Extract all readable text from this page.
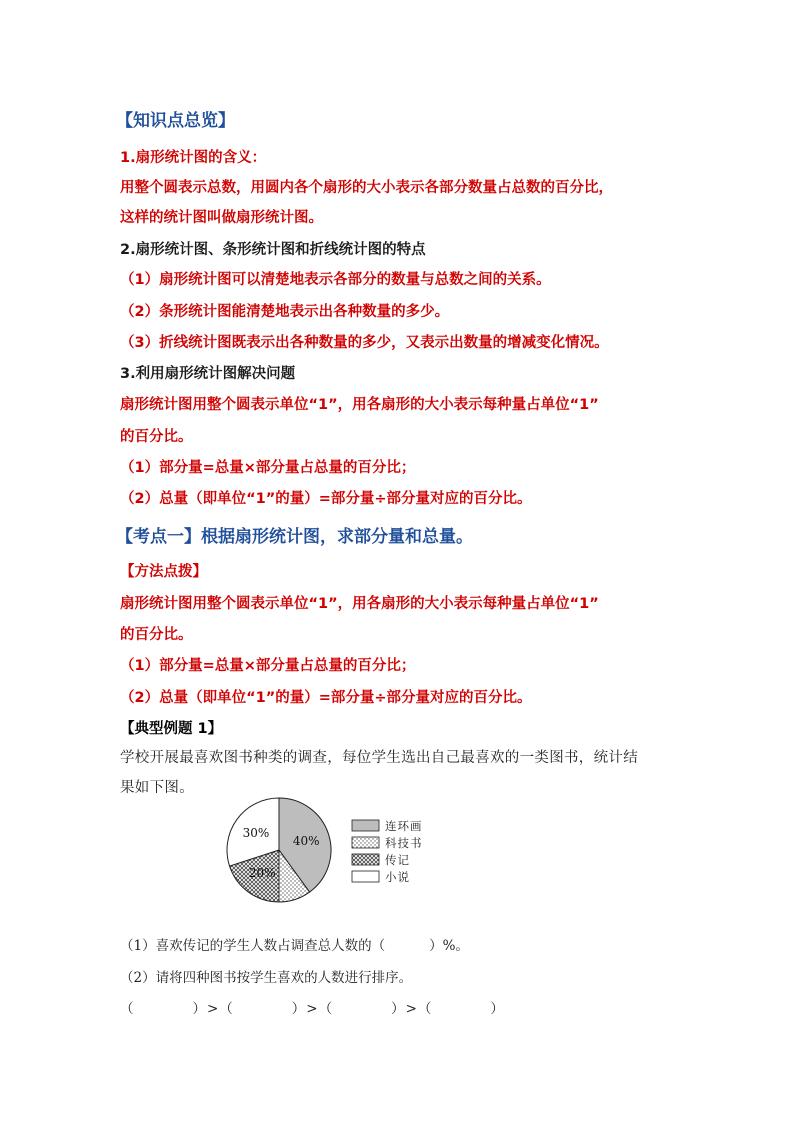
【知识点总览】
1.扇形统计图的含义：
用整个圆表示总数，用圆内各个扇形的大小表示各部分数量占总数的百分比，
这样的统计图叫做扇形统计图。
2.扇形统计图、条形统计图和折线统计图的特点
（1）扇形统计图可以清楚地表示各部分的数量与总数之间的关系。
（2）条形统计图能清楚地表示出各种数量的多少。
（3）折线统计图既表示出各种数量的多少，又表示出数量的增减变化情况。
3.利用扇形统计图解决问题
扇形统计图用整个圆表示单位“1”，用各扇形的大小表示每种量占单位“1”
的百分比。
（1）部分量=总量×部分量占总量的百分比；
（2）总量（即单位“1”的量）=部分量÷部分量对应的百分比。
【考点一】根据扇形统计图，求部分量和总量。
【方法点拨】
扇形统计图用整个圆表示单位“1”，用各扇形的大小表示每种量占单位“1”
的百分比。
（1）部分量=总量×部分量占总量的百分比；
（2）总量（即单位“1”的量）=部分量÷部分量对应的百分比。
【典型例题 1】
学校开展最喜欢图书种类的调查，每位学生选出自己最喜欢的一类图书，统计结
果如下图。
40%
20%
30%
连环画
科技书
传记
小说
（1）喜欢传记的学生人数占调查总人数的（	）%。
（2）请将四种图书按学生喜欢的人数进行排序。
（　　　　）>（　　　　）>（　　　　）>（　　　　）
